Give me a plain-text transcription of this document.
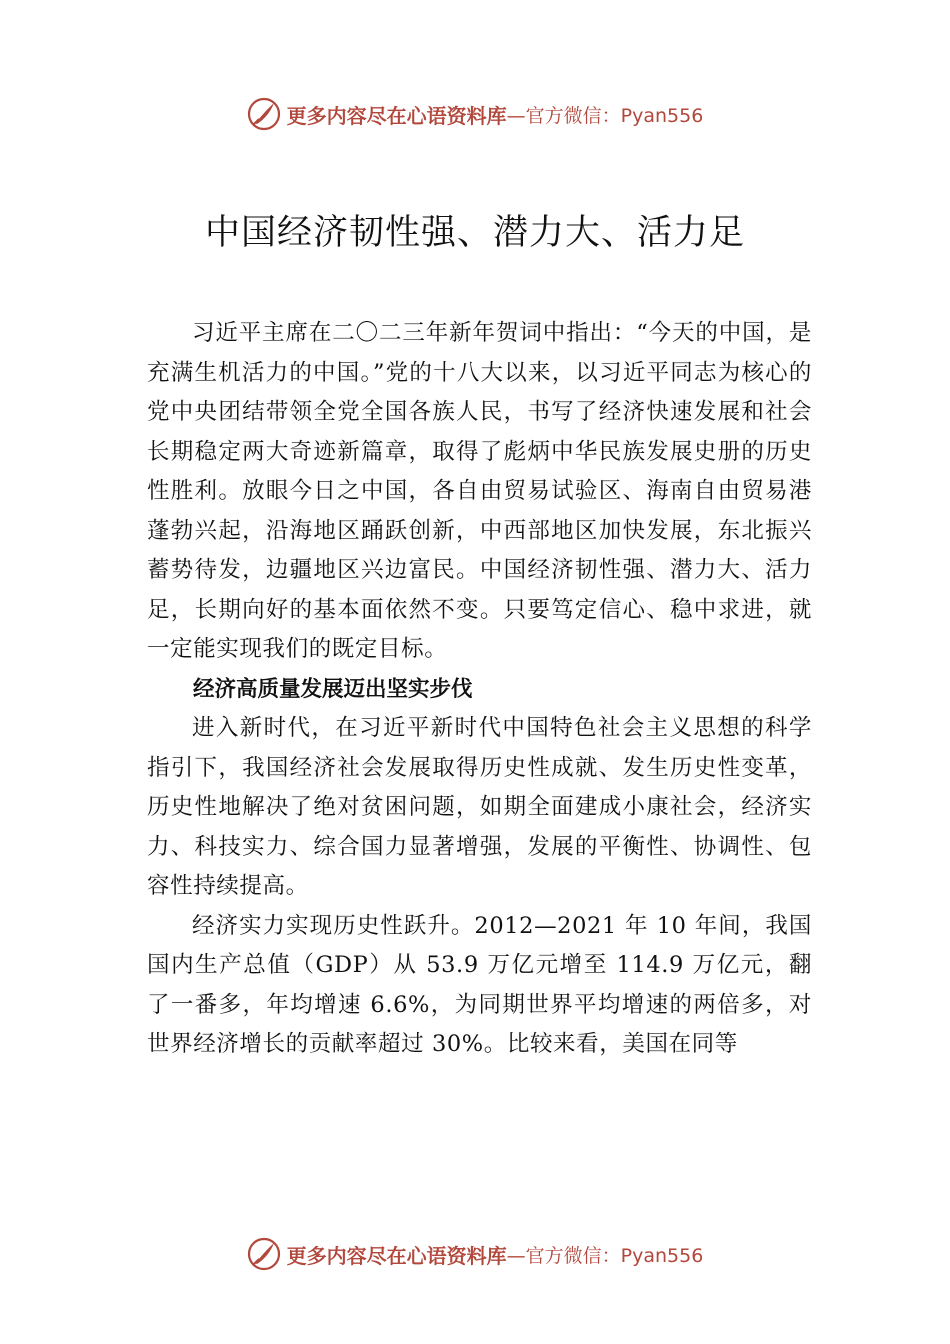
更多内容尽在心语资料库 —官方微信：Pyan556
中国经济韧性强、潜力大、活力足

习近平主席在二〇二三年新年贺词中指出：“今天的中国，是充满生机活力的中国。”党的十八大以来，以习近平同志为核心的党中央团结带领全党全国各族人民，书写了经济快速发展和社会长期稳定两大奇迹新篇章，取得了彪炳中华民族发展史册的历史性胜利。放眼今日之中国，各自由贸易试验区、海南自由贸易港蓬勃兴起，沿海地区踊跃创新，中西部地区加快发展，东北振兴蓄势待发，边疆地区兴边富民。中国经济韧性强、潜力大、活力足，长期向好的基本面依然不变。只要笃定信心、稳中求进，就一定能实现我们的既定目标。

经济高质量发展迈出坚实步伐

进入新时代，在习近平新时代中国特色社会主义思想的科学指引下，我国经济社会发展取得历史性成就、发生历史性变革，历史性地解决了绝对贫困问题，如期全面建成小康社会，经济实力、科技实力、综合国力显著增强，发展的平衡性、协调性、包容性持续提高。

经济实力实现历史性跃升。2012—2021 年 10 年间，我国国内生产总值（GDP）从 53.9 万亿元增至 114.9 万亿元，翻了一番多，年均增速 6.6%，为同期世界平均增速的两倍多，对世界经济增长的贡献率超过 30%。比较来看，美国在同等

更多内容尽在心语资料库 —官方微信：Pyan556
